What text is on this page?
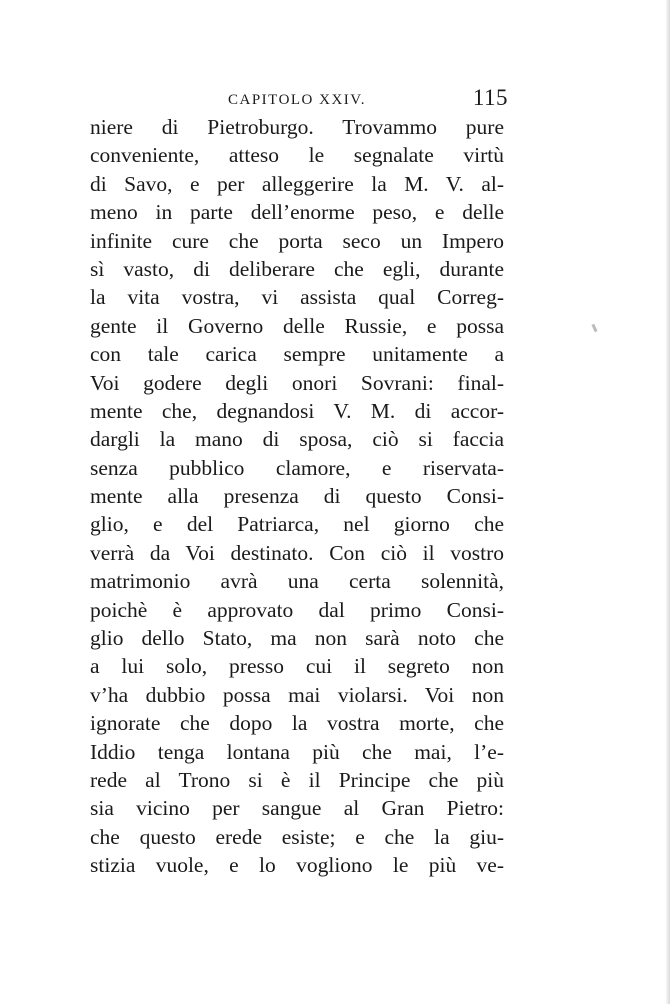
CAPITOLO XXIV.	115
niere di Pietroburgo. Trovammo pure
conveniente, atteso le segnalate virtù
di Savo, e per alleggerire la M. V. al-
meno in parte dell’enorme peso, e delle
infinite cure che porta seco un Impero
sì vasto, di deliberare che egli, durante
la vita vostra, vi assista qual Correg-
gente il Governo delle Russie, e possa
con tale carica sempre unitamente a
Voi godere degli onori Sovrani: final-
mente che, degnandosi V. M. di accor-
dargli la mano di sposa, ciò si faccia
senza pubblico clamore, e riservata-
mente alla presenza di questo Consi-
glio, e del Patriarca, nel giorno che
verrà da Voi destinato. Con ciò il vostro
matrimonio avrà una certa solennità,
poichè è approvato dal primo Consi-
glio dello Stato, ma non sarà noto che
a lui solo, presso cui il segreto non
v’ha dubbio possa mai violarsi. Voi non
ignorate che dopo la vostra morte, che
Iddio tenga lontana più che mai, l’e-
rede al Trono si è il Principe che più
sia vicino per sangue al Gran Pietro:
che questo erede esiste; e che la giu-
stizia vuole, e lo vogliono le più ve-
